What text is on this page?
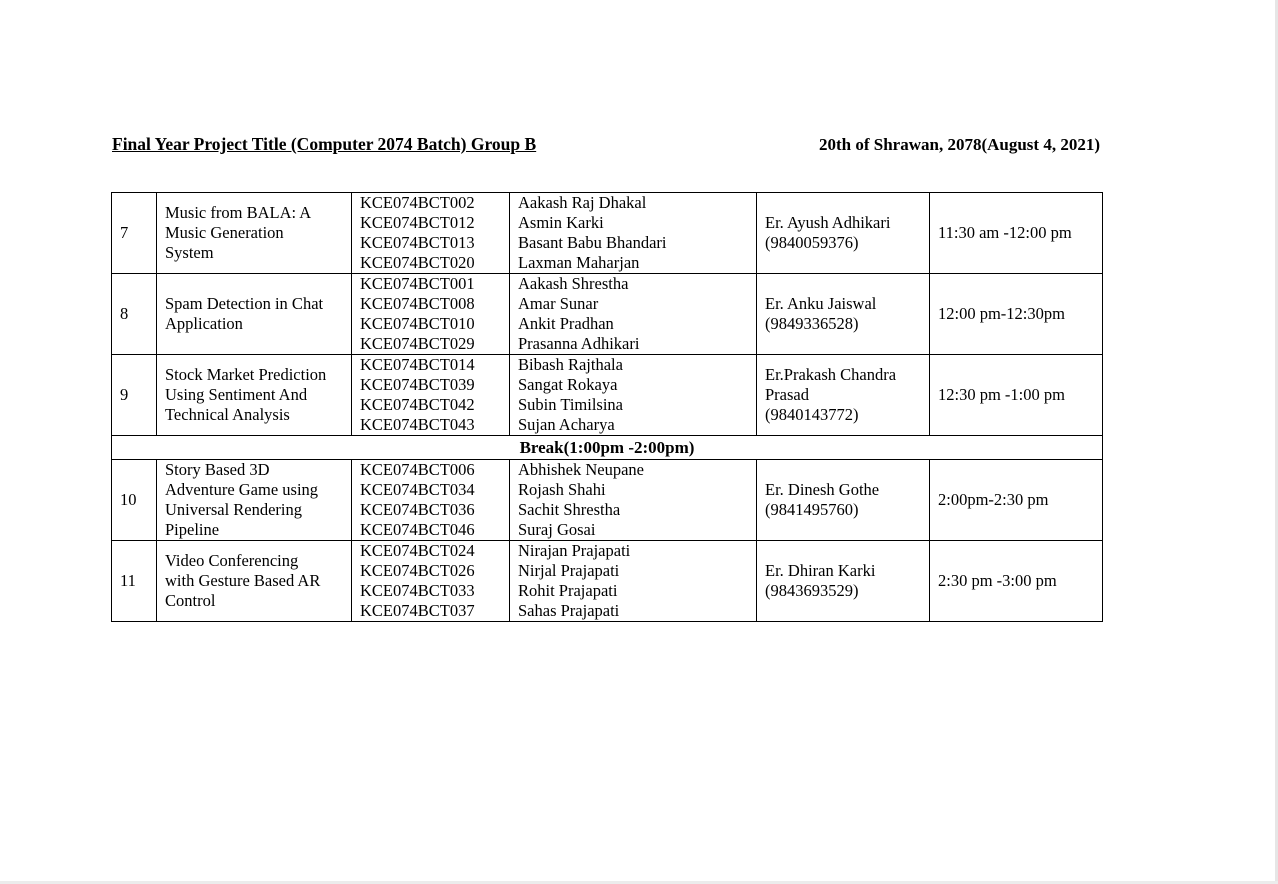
Final Year Project Title (Computer 2074 Batch) Group B	20th of Shrawan, 2078(August 4, 2021)
7	Music from BALA: A
Music Generation
System	KCE074BCT002
KCE074BCT012
KCE074BCT013
KCE074BCT020	Aakash Raj Dhakal
Asmin Karki
Basant Babu Bhandari
Laxman Maharjan	Er. Ayush Adhikari
(9840059376)	11:30 am -12:00 pm
8	Spam Detection in Chat
Application	KCE074BCT001
KCE074BCT008
KCE074BCT010
KCE074BCT029	Aakash Shrestha
Amar Sunar
Ankit Pradhan
Prasanna Adhikari	Er. Anku Jaiswal
(9849336528)	12:00 pm-12:30pm
9	Stock Market Prediction
Using Sentiment And
Technical Analysis	KCE074BCT014
KCE074BCT039
KCE074BCT042
KCE074BCT043	Bibash Rajthala
Sangat Rokaya
Subin Timilsina
Sujan Acharya	Er.Prakash Chandra
Prasad
(9840143772)	12:30 pm -1:00 pm
Break(1:00pm -2:00pm)					
10	Story Based 3D
Adventure Game using
Universal Rendering
Pipeline	KCE074BCT006
KCE074BCT034
KCE074BCT036
KCE074BCT046	Abhishek Neupane
Rojash Shahi
Sachit Shrestha
Suraj Gosai	Er. Dinesh Gothe
(9841495760)	2:00pm-2:30 pm
11	Video Conferencing
with Gesture Based AR
Control	KCE074BCT024
KCE074BCT026
KCE074BCT033
KCE074BCT037	Nirajan Prajapati
Nirjal Prajapati
Rohit Prajapati
Sahas Prajapati	Er. Dhiran Karki
(9843693529)	2:30 pm -3:00 pm
